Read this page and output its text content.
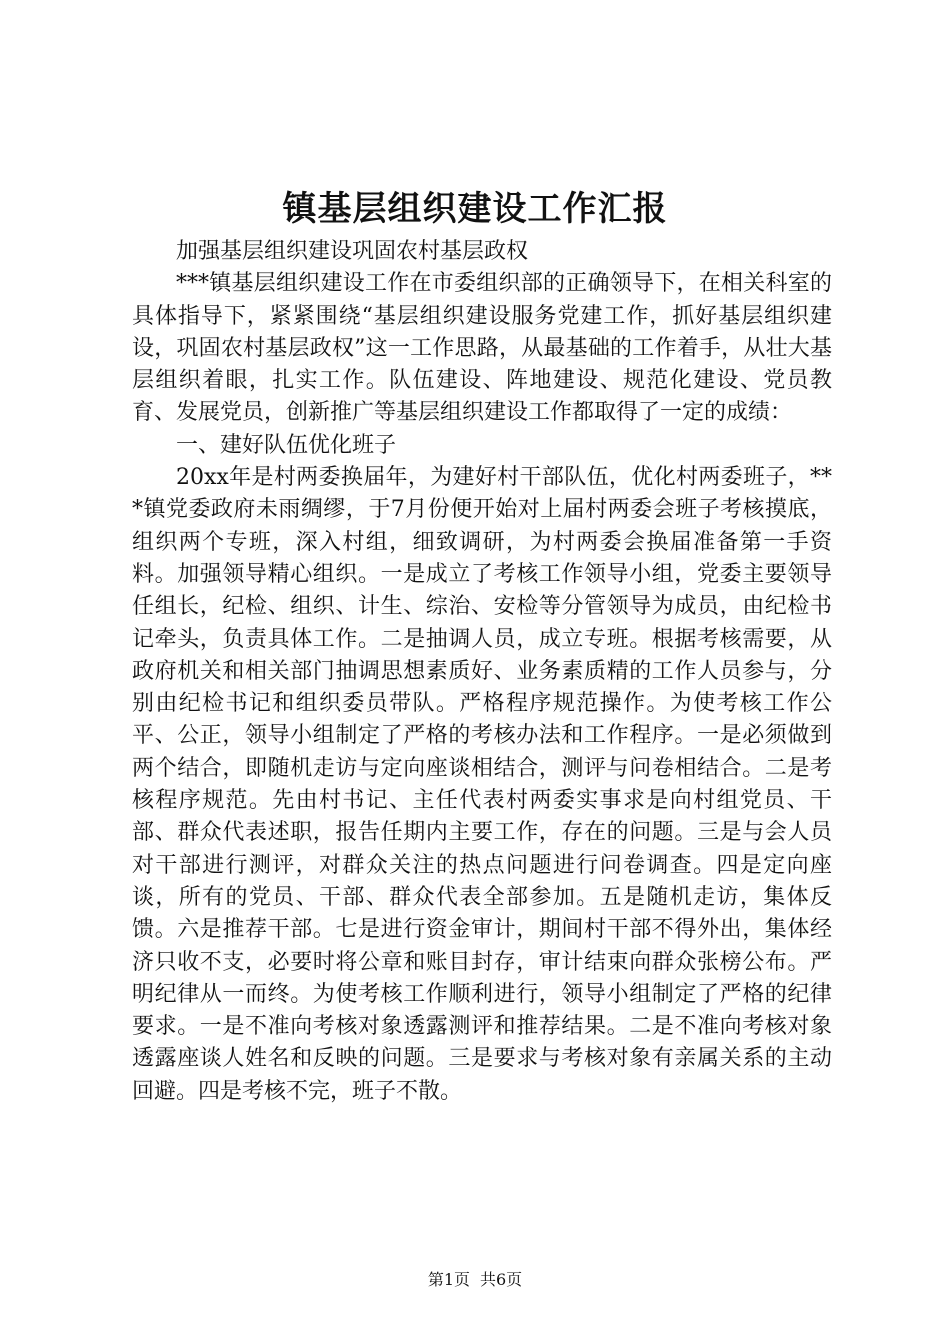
镇基层组织建设工作汇报

加强基层组织建设巩固农村基层政权

***镇基层组织建设工作在市委组织部的正确领导下，在相关科室的具体指导下，紧紧围绕“基层组织建设服务党建工作，抓好基层组织建设，巩固农村基层政权”这一工作思路，从最基础的工作着手，从壮大基层组织着眼，扎实工作。队伍建设、阵地建设、规范化建设、党员教育、发展党员，创新推广等基层组织建设工作都取得了一定的成绩：

一、建好队伍优化班子

20xx年是村两委换届年，为建好村干部队伍，优化村两委班子，***镇党委政府未雨绸缪，于7月份便开始对上届村两委会班子考核摸底，组织两个专班，深入村组，细致调研，为村两委会换届准备第一手资料。加强领导精心组织。一是成立了考核工作领导小组，党委主要领导任组长，纪检、组织、计生、综治、安检等分管领导为成员，由纪检书记牵头，负责具体工作。二是抽调人员，成立专班。根据考核需要，从政府机关和相关部门抽调思想素质好、业务素质精的工作人员参与，分别由纪检书记和组织委员带队。严格程序规范操作。为使考核工作公平、公正，领导小组制定了严格的考核办法和工作程序。一是必须做到两个结合，即随机走访与定向座谈相结合，测评与问卷相结合。二是考核程序规范。先由村书记、主任代表村两委实事求是向村组党员、干部、群众代表述职，报告任期内主要工作，存在的问题。三是与会人员对干部进行测评，对群众关注的热点问题进行问卷调查。四是定向座谈，所有的党员、干部、群众代表全部参加。五是随机走访，集体反馈。六是推荐干部。七是进行资金审计，期间村干部不得外出，集体经济只收不支，必要时将公章和账目封存，审计结束向群众张榜公布。严明纪律从一而终。为使考核工作顺利进行，领导小组制定了严格的纪律要求。一是不准向考核对象透露测评和推荐结果。二是不准向考核对象透露座谈人姓名和反映的问题。三是要求与考核对象有亲属关系的主动回避。四是考核不完，班子不散。

第1页 共6页
